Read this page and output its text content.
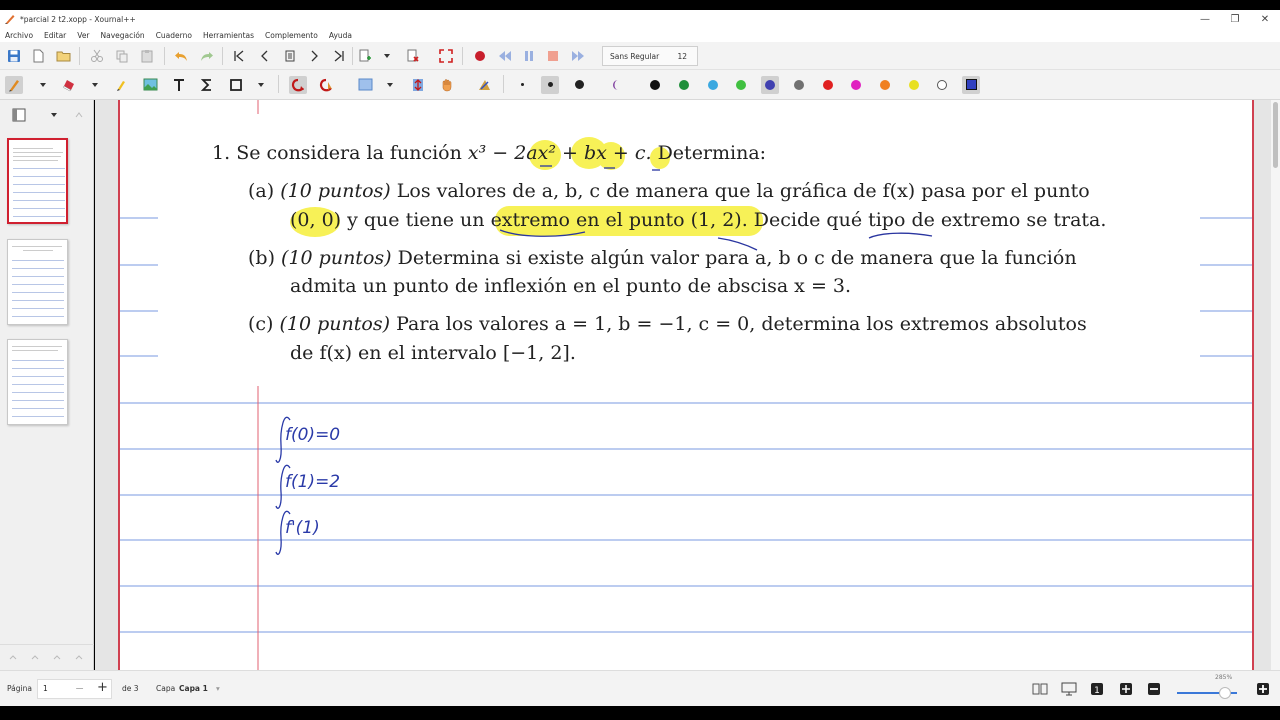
*parcial 2 t2.xopp - Xournal++	—	❐	✕
Archivo Editar Ver Navegación Cuaderno Herramientas Complemento Ayuda
Sans Regular 12
f(0)=0
f(1)=2
f'(1)
1. Se considera la función x³ − 2ax² + bx + c. Determina:
(a) (10 puntos) Los valores de a, b, c de manera que la gráfica de f(x) pasa por el punto
(0, 0) y que tiene un extremo en el punto (1, 2). Decide qué tipo de extremo se trata.
(b) (10 puntos) Determina si existe algún valor para a, b o c de manera que la función
admita un punto de inflexión en el punto de abscisa x = 3.
(c) (10 puntos) Para los valores a = 1, b = −1, c = 0, determina los extremos absolutos
de f(x) en el intervalo [−1, 2].
Página	1	− + de 3 Capa Capa 1 ▾	1
285%
